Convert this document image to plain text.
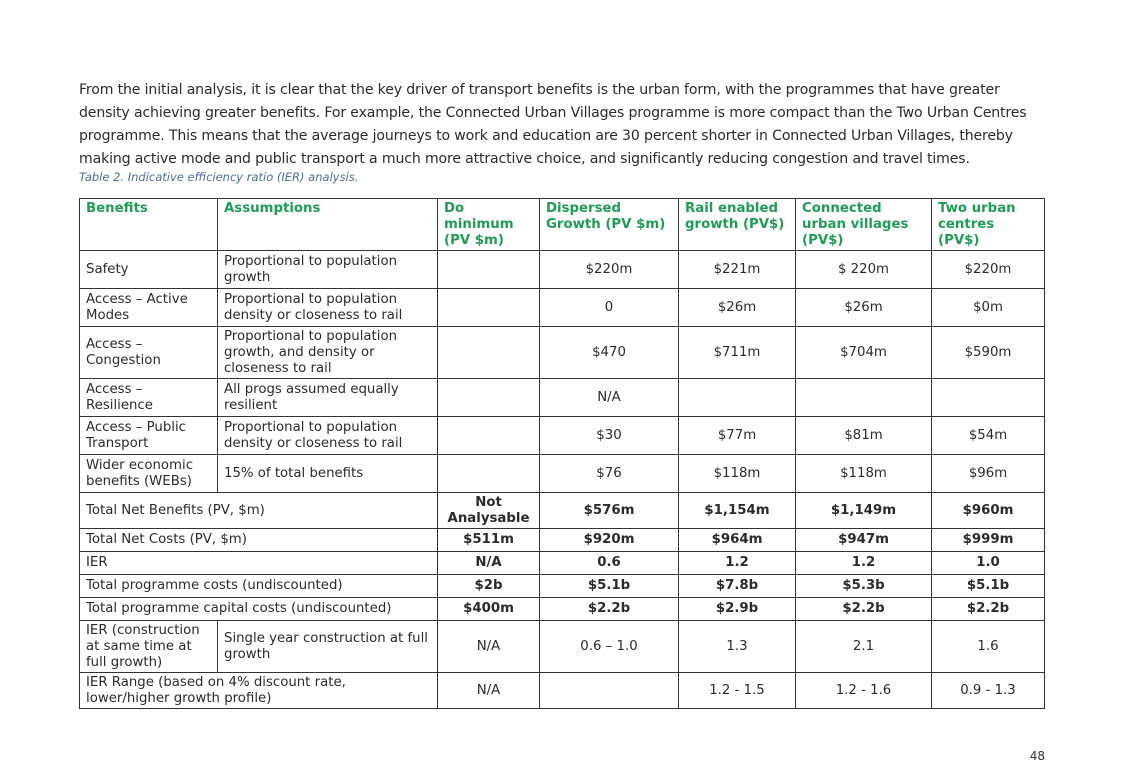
From the initial analysis, it is clear that the key driver of transport benefits is the urban form, with the programmes that have greater density achieving greater benefits. For example, the Connected Urban Villages programme is more compact than the Two Urban Centres programme. This means that the average journeys to work and education are 30 percent shorter in Connected Urban Villages, thereby making active mode and public transport a much more attractive choice, and significantly reducing congestion and travel times.

Table 2. Indicative efficiency ratio (IER) analysis.

Benefits	Assumptions	Do minimum (PV $m)	Dispersed Growth (PV $m)	Rail enabled growth (PV$)	Connected urban villages (PV$)	Two urban centres (PV$)
Safety	Proportional to population growth		$220m	$221m	$ 220m	$220m
Access – Active Modes	Proportional to population density or closeness to rail		0	$26m	$26m	$0m
Access – Congestion	Proportional to population growth, and density or closeness to rail		$470	$711m	$704m	$590m
Access – Resilience	All progs assumed equally resilient		N/A			
Access – Public Transport	Proportional to population density or closeness to rail		$30	$77m	$81m	$54m
Wider economic benefits (WEBs)	15% of total benefits		$76	$118m	$118m	$96m
Total Net Benefits (PV, $m)		Not Analysable	$576m	$1,154m	$1,149m	$960m
Total Net Costs (PV, $m)		$511m	$920m	$964m	$947m	$999m
IER		N/A	0.6	1.2	1.2	1.0
Total programme costs (undiscounted)		$2b	$5.1b	$7.8b	$5.3b	$5.1b
Total programme capital costs (undiscounted)		$400m	$2.2b	$2.9b	$2.2b	$2.2b
IER (construction at same time at full growth)	Single year construction at full growth	N/A	0.6 – 1.0	1.3	2.1	1.6
IER Range (based on 4% discount rate, lower/higher growth profile)		N/A		1.2 - 1.5	1.2 - 1.6	0.9 - 1.3
48
